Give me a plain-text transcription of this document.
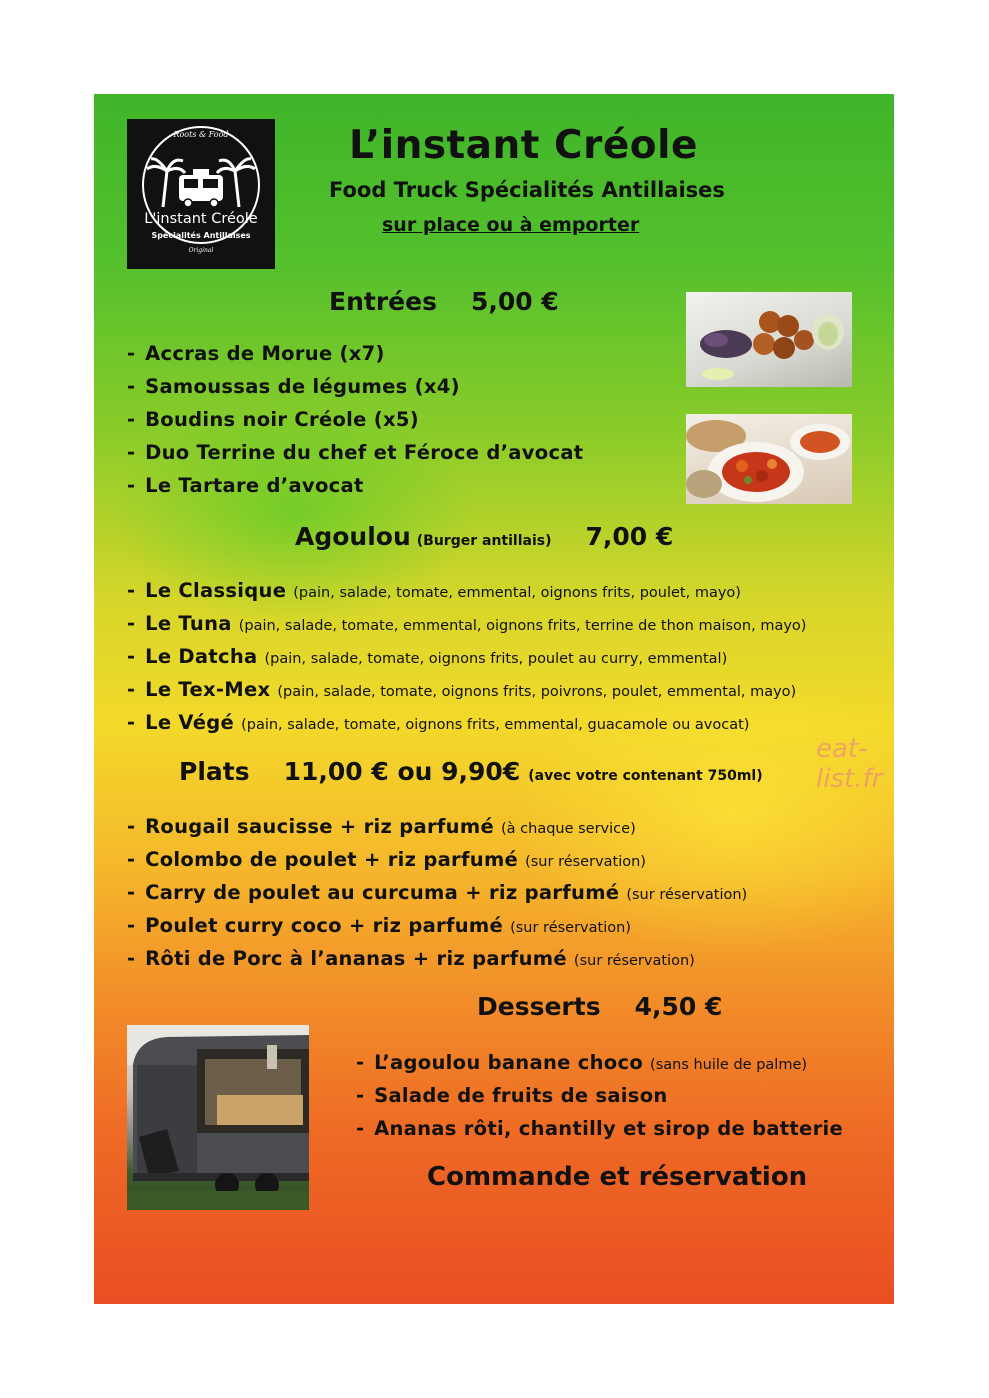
Roots & Food
L'instant Créole
Spécialités Antillaises
Original
L’instant Créole
Food Truck Spécialités Antillaises
sur place ou à emporter
Entrées 5,00 €
- Accras de Morue (x7)
- Samoussas de légumes (x4)
- Boudins noir Créole (x5)
- Duo Terrine du chef et Féroce d’avocat
- Le Tartare d’avocat
Agoulou (Burger antillais) 7,00 €
- Le Classique (pain, salade, tomate, emmental, oignons frits, poulet, mayo)
- Le Tuna (pain, salade, tomate, emmental, oignons frits, terrine de thon maison, mayo)
- Le Datcha (pain, salade, tomate, oignons frits, poulet au curry, emmental)
- Le Tex-Mex (pain, salade, tomate, oignons frits, poivrons, poulet, emmental, mayo)
- Le Végé (pain, salade, tomate, oignons frits, emmental, guacamole ou avocat)
Plats 11,00 € ou 9,90€ (avec votre contenant 750ml)
- Rougail saucisse + riz parfumé (à chaque service)
- Colombo de poulet + riz parfumé (sur réservation)
- Carry de poulet au curcuma + riz parfumé (sur réservation)
- Poulet curry coco + riz parfumé (sur réservation)
- Rôti de Porc à l’ananas + riz parfumé (sur réservation)
eat-list.fr
Desserts 4,50 €
- L’agoulou banane choco (sans huile de palme)
- Salade de fruits de saison
- Ananas rôti, chantilly et sirop de batterie
Commande et réservation
